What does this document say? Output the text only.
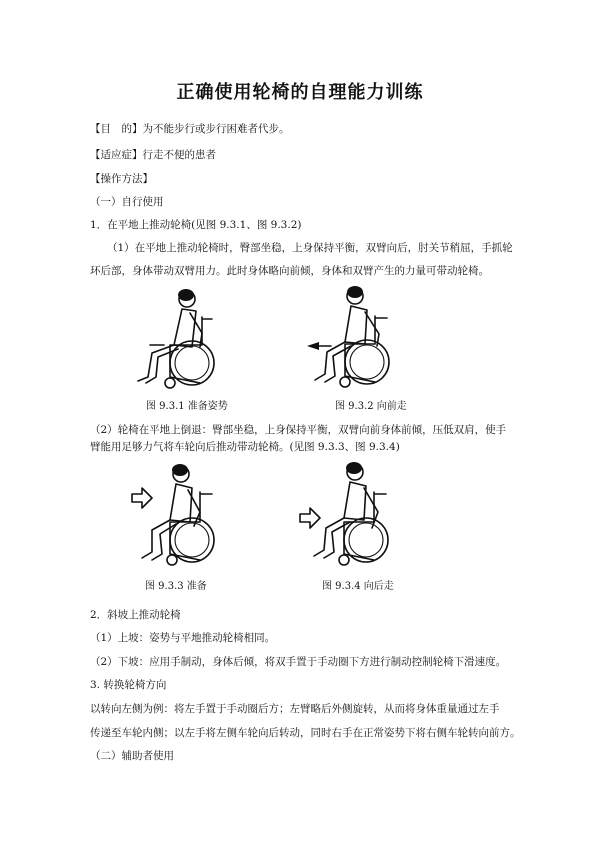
正确使用轮椅的自理能力训练
【目　的】为不能步行或步行困难者代步。
【适应症】行走不便的患者
【操作方法】
（一）自行使用
1．在平地上推动轮椅(见图 9.3.1、图 9.3.2)
（1）在平地上推动轮椅时，臀部坐稳，上身保持平衡，双臂向后，肘关节稍屈，手抓轮
环后部，身体带动双臂用力。此时身体略向前倾，身体和双臂产生的力量可带动轮椅。
图 9.3.1 准备姿势	图 9.3.2 向前走
（2）轮椅在平地上倒退：臀部坐稳，上身保持平衡，双臂向前身体前倾，压低双肩，使手
臂能用足够力气将车轮向后推动带动轮椅。(见图 9.3.3、图 9.3.4)
图 9.3.3 准备	图 9.3.4 向后走
2．斜坡上推动轮椅
（1）上坡：姿势与平地推动轮椅相同。
（2）下坡：应用手制动，身体后倾，将双手置于手动圈下方进行制动控制轮椅下滑速度。
3. 转换轮椅方向
以转向左侧为例：将左手置于手动圈后方；左臂略后外侧旋转，从而将身体重量通过左手
传递至车轮内侧；以左手将左侧车轮向后转动，同时右手在正常姿势下将右侧车轮转向前方。
（二）辅助者使用
